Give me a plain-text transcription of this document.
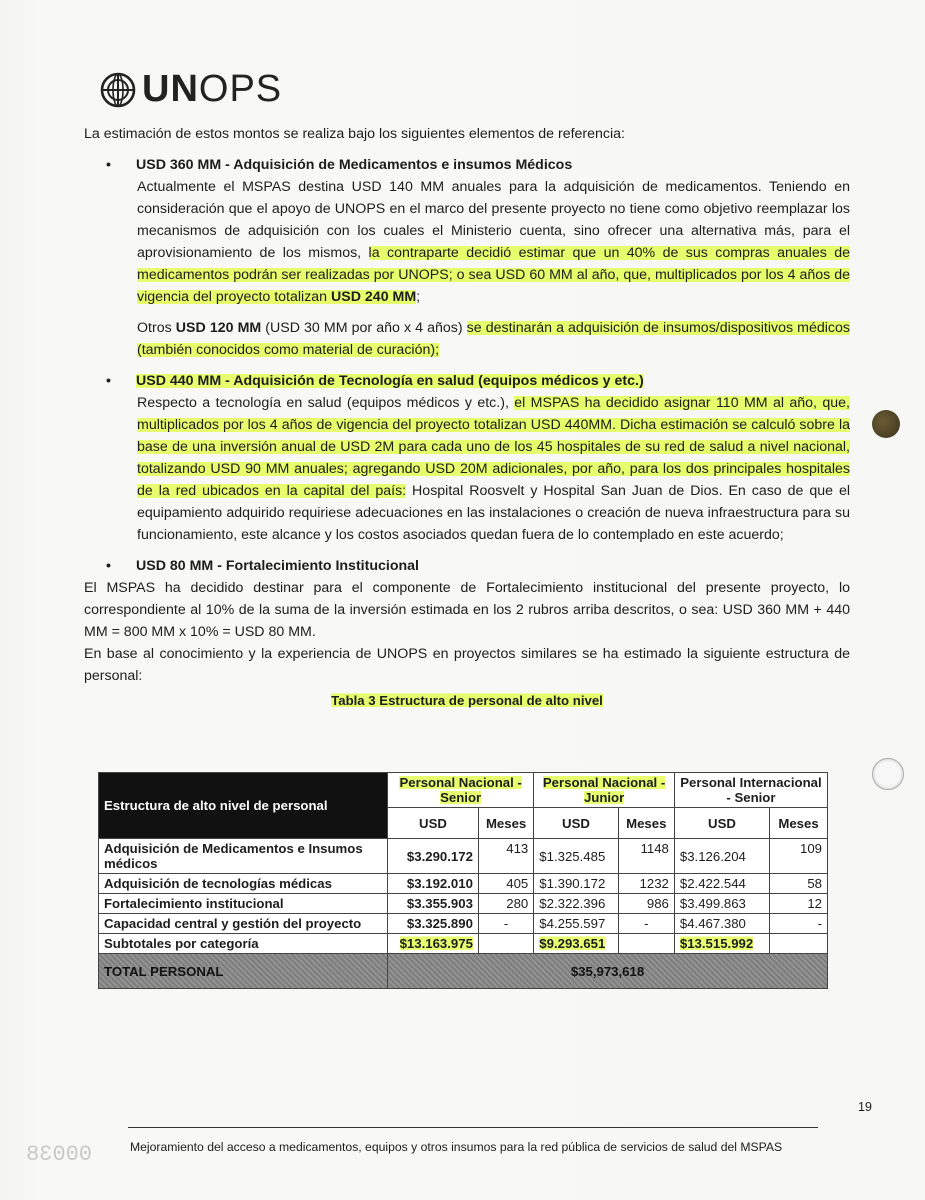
UNOPS

La estimación de estos montos se realiza bajo los siguientes elementos de referencia:

• USD 360 MM - Adquisición de Medicamentos e insumos Médicos

Actualmente el MSPAS destina USD 140 MM anuales para la adquisición de medicamentos. Teniendo en consideración que el apoyo de UNOPS en el marco del presente proyecto no tiene como objetivo reemplazar los mecanismos de adquisición con los cuales el Ministerio cuenta, sino ofrecer una alternativa más, para el aprovisionamiento de los mismos, la contraparte decidió estimar que un 40% de sus compras anuales de medicamentos podrán ser realizadas por UNOPS; o sea USD 60 MM al año, que, multiplicados por los 4 años de vigencia del proyecto totalizan USD 240 MM;

Otros USD 120 MM (USD 30 MM por año x 4 años) se destinarán a adquisición de insumos/dispositivos médicos (también conocidos como material de curación);

• USD 440 MM - Adquisición de Tecnología en salud (equipos médicos y etc.)

Respecto a tecnología en salud (equipos médicos y etc.), el MSPAS ha decidido asignar 110 MM al año, que, multiplicados por los 4 años de vigencia del proyecto totalizan USD 440MM. Dicha estimación se calculó sobre la base de una inversión anual de USD 2M para cada uno de los 45 hospitales de su red de salud a nivel nacional, totalizando USD 90 MM anuales; agregando USD 20M adicionales, por año, para los dos principales hospitales de la red ubicados en la capital del país: Hospital Roosvelt y Hospital San Juan de Dios. En caso de que el equipamiento adquirido requiriese adecuaciones en las instalaciones o creación de nueva infraestructura para su funcionamiento, este alcance y los costos asociados quedan fuera de lo contemplado en este acuerdo;

• USD 80 MM - Fortalecimiento Institucional

El MSPAS ha decidido destinar para el componente de Fortalecimiento institucional del presente proyecto, lo correspondiente al 10% de la suma de la inversión estimada en los 2 rubros arriba descritos, o sea: USD 360 MM + 440 MM = 800 MM x 10% = USD 80 MM.

En base al conocimiento y la experiencia de UNOPS en proyectos similares se ha estimado la siguiente estructura de personal:

Tabla 3 Estructura de personal de alto nivel
Estructura de alto nivel de personal	Personal Nacional - Senior		Personal Nacional - Junior		Personal Internacional - Senior	
	USD	Meses	USD	Meses	USD	Meses
Adquisición de Medicamentos e Insumos médicos	$3.290.172	413	$1.325.485	1148	$3.126.204	109
Adquisición de tecnologías médicas	$3.192.010	405	$1.390.172	1232	$2.422.544	58
Fortalecimiento institucional	$3.355.903	280	$2.322.396	986	$3.499.863	12
Capacidad central y gestión del proyecto	$3.325.890	-	$4.255.597	-	$4.467.380	-
Subtotales por categoría	$13.163.975		$9.293.651		$13.515.992	
TOTAL PERSONAL	$35,973,618					
19
Mejoramiento del acceso a medicamentos, equipos y otros insumos para la red pública de servicios de salud del MSPAS
00038
